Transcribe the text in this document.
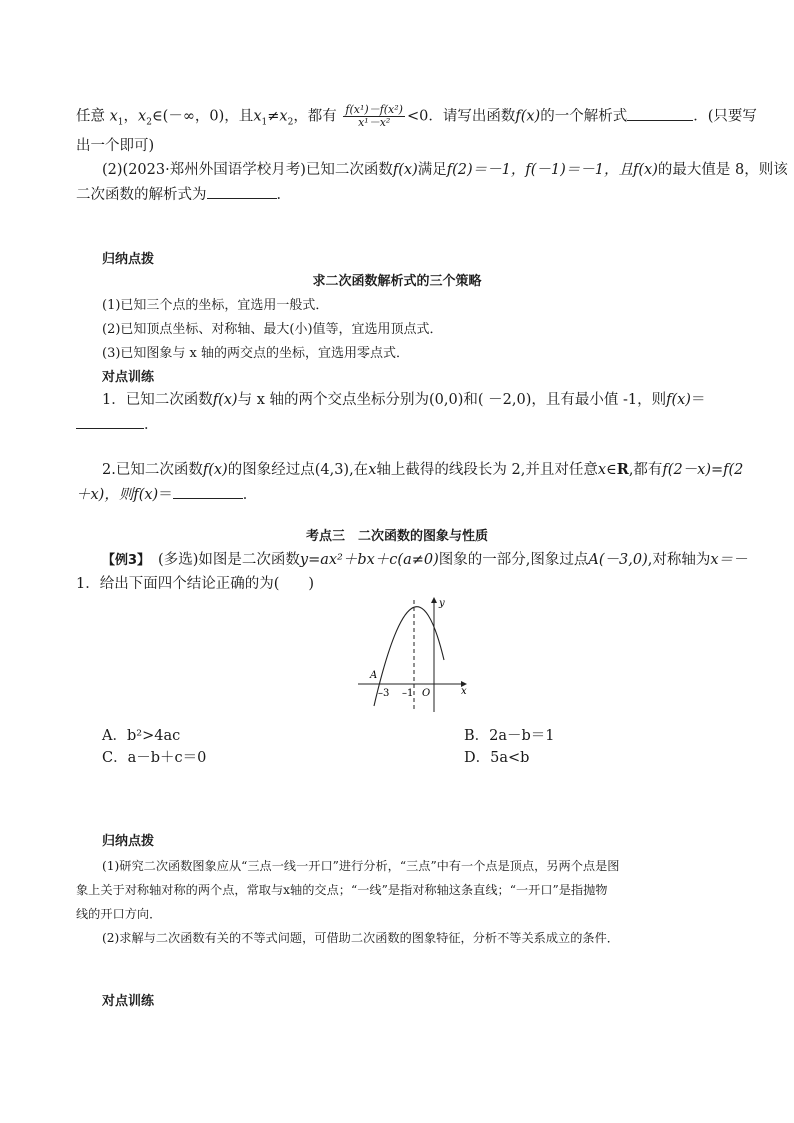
任意 $x_1$，$x_2\in(-\infty$，0)，且$x_1\ne x_2$，都有 $\frac{\text{f(x¹)－f(x²)}}{\text{x¹－x²}} <0$．请写出函数f(x)的一个解析式	．(只要写
出一个即可)
(2)(2023·郑州外国语学校月考)已知二次函数f(x)满足f(2)＝－1，f(－1)＝－1，且f(x)的最大值是 8，则该
二次函数的解析式为	．
归纳点拨
求二次函数解析式的三个策略
(1)已知三个点的坐标，宜选用一般式．
(2)已知顶点坐标、对称轴、最大(小)值等，宜选用顶点式．
(3)已知图象与 x 轴的两交点的坐标，宜选用零点式．
对点训练
1．已知二次函数f(x)与 x 轴的两个交点坐标分别为(0,0)和( －2,0)，且有最小值 -1，则f(x)＝
．
2.已知二次函数f(x)的图象经过点(4,3),在x轴上截得的线段长为 2,并且对任意x∈R,都有f(2－x)=f(2
＋x)，则f(x)＝	．
考点三　二次函数的图象与性质
【例3】　(多选)如图是二次函数y=ax²＋bx＋c(a≠0)图象的一部分,图象过点A(－3,0),对称轴为x＝－
1．给出下面四个结论正确的为(　　)
y
x
A
–3 –1 O
A．b²>4ac	B．2a－b＝1
C．a－b＋c＝0	D．5a<b
归纳点拨
(1)研究二次函数图象应从“三点一线一开口”进行分析，“三点”中有一个点是顶点，另两个点是图
象上关于对称轴对称的两个点，常取与x轴的交点；“一线”是指对称轴这条直线；“一开口”是指抛物
线的开口方向．
(2)求解与二次函数有关的不等式问题，可借助二次函数的图象特征，分析不等关系成立的条件．
对点训练
